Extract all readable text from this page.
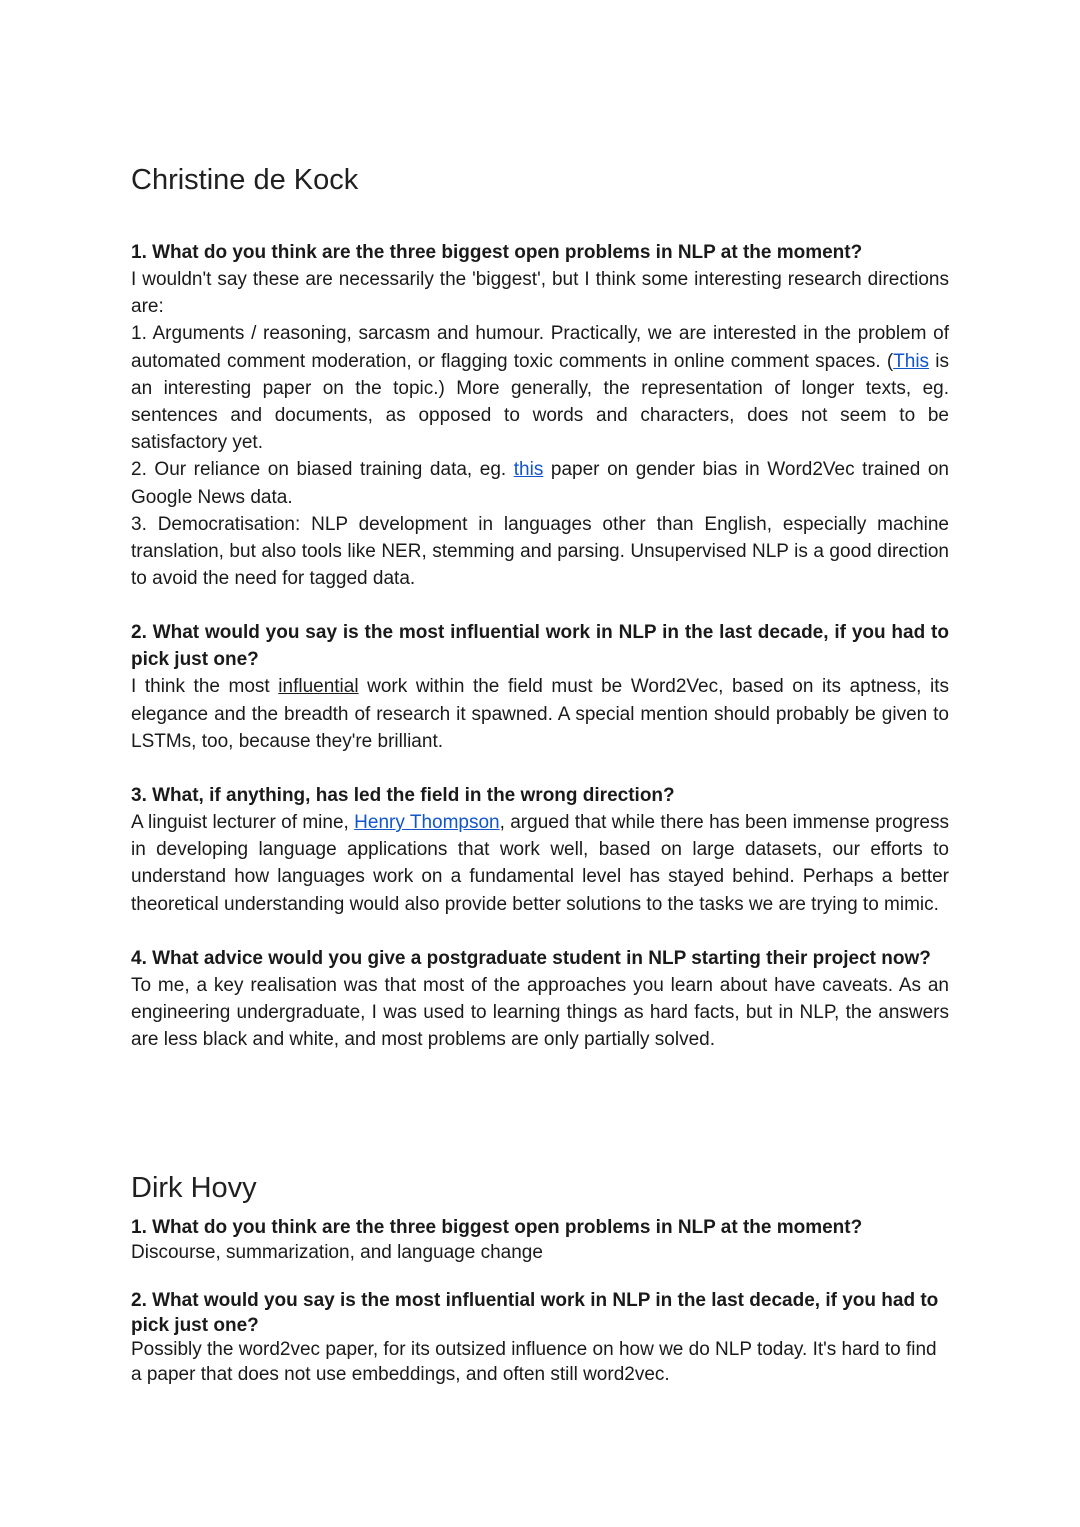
Christine de Kock

1. What do you think are the three biggest open problems in NLP at the moment?

I wouldn't say these are necessarily the 'biggest', but I think some interesting research directions are:

1. Arguments / reasoning, sarcasm and humour. Practically, we are interested in the problem of automated comment moderation, or flagging toxic comments in online comment spaces. (This is an interesting paper on the topic.) More generally, the representation of longer texts, eg. sentences and documents, as opposed to words and characters, does not seem to be satisfactory yet.

2. Our reliance on biased training data, eg. this paper on gender bias in Word2Vec trained on Google News data.

3. Democratisation: NLP development in languages other than English, especially machine translation, but also tools like NER, stemming and parsing. Unsupervised NLP is a good direction to avoid the need for tagged data.

2. What would you say is the most influential work in NLP in the last decade, if you had to pick just one?

I think the most influential work within the field must be Word2Vec, based on its aptness, its elegance and the breadth of research it spawned. A special mention should probably be given to LSTMs, too, because they're brilliant.

3. What, if anything, has led the field in the wrong direction?

A linguist lecturer of mine, Henry Thompson, argued that while there has been immense progress in developing language applications that work well, based on large datasets, our efforts to understand how languages work on a fundamental level has stayed behind. Perhaps a better theoretical understanding would also provide better solutions to the tasks we are trying to mimic.

4. What advice would you give a postgraduate student in NLP starting their project now?

To me, a key realisation was that most of the approaches you learn about have caveats. As an engineering undergraduate, I was used to learning things as hard facts, but in NLP, the answers are less black and white, and most problems are only partially solved.

Dirk Hovy

1. What do you think are the three biggest open problems in NLP at the moment?

Discourse, summarization, and language change

2. What would you say is the most influential work in NLP in the last decade, if you had to pick just one?

Possibly the word2vec paper, for its outsized influence on how we do NLP today. It's hard to find a paper that does not use embeddings, and often still word2vec.
